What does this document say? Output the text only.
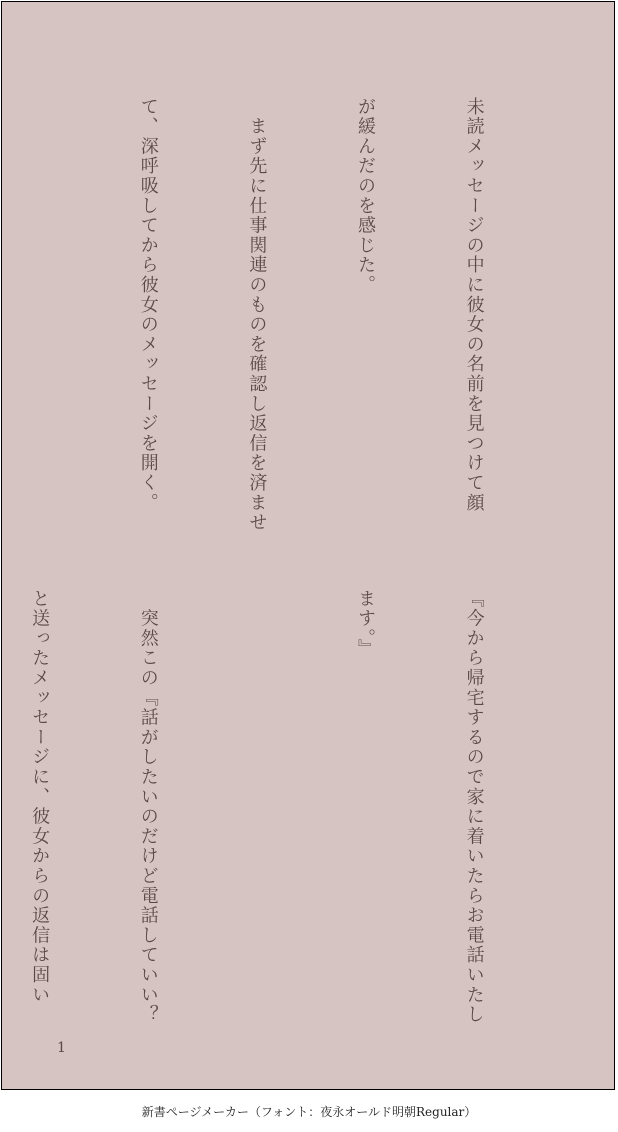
未読メッセージの中に彼女の名前を見つけて顔

が緩んだのを感じた。

　まず先に仕事関連のものを確認し返信を済ませ

て、深呼吸してから彼女のメッセージを開く。

『今から帰宅するので家に着いたらお電話いたし

ます。』

　突然この『話がしたいのだけど電話していい？

と送ったメッセージに、彼女からの返信は固い

1
新書ページメーカー（フォント：夜永オールド明朝Regular）
